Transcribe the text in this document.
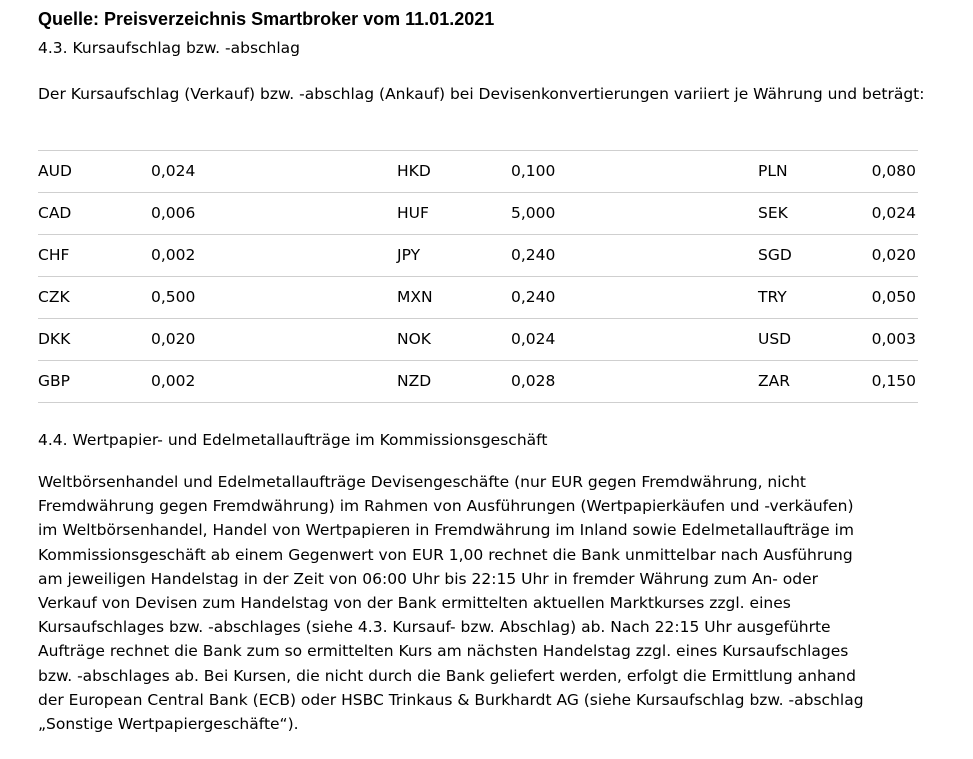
Quelle: Preisverzeichnis Smartbroker vom 11.01.2021
4.3. Kursaufschlag bzw. -abschlag
Der Kursaufschlag (Verkauf) bzw. -abschlag (Ankauf) bei Devisenkonvertierungen variiert je Währung und beträgt:
AUD	0,024	HKD	0,100	PLN	0,080
CAD	0,006	HUF	5,000	SEK	0,024
CHF	0,002	JPY	0,240	SGD	0,020
CZK	0,500	MXN	0,240	TRY	0,050
DKK	0,020	NOK	0,024	USD	0,003
GBP	0,002	NZD	0,028	ZAR	0,150
4.4. Wertpapier- und Edelmetallaufträge im Kommissionsgeschäft
Weltbörsenhandel und Edelmetallaufträge Devisengeschäfte (nur EUR gegen Fremdwährung, nicht
Fremdwährung gegen Fremdwährung) im Rahmen von Ausführungen (Wertpapierkäufen und -verkäufen)
im Weltbörsenhandel, Handel von Wertpapieren in Fremdwährung im Inland sowie Edelmetallaufträge im
Kommissionsgeschäft ab einem Gegenwert von EUR 1,00 rechnet die Bank unmittelbar nach Ausführung
am jeweiligen Handelstag in der Zeit von 06:00 Uhr bis 22:15 Uhr in fremder Währung zum An- oder
Verkauf von Devisen zum Handelstag von der Bank ermittelten aktuellen Marktkurses zzgl. eines
Kursaufschlages bzw. -abschlages (siehe 4.3. Kursauf- bzw. Abschlag) ab. Nach 22:15 Uhr ausgeführte
Aufträge rechnet die Bank zum so ermittelten Kurs am nächsten Handelstag zzgl. eines Kursaufschlages
bzw. -abschlages ab. Bei Kursen, die nicht durch die Bank geliefert werden, erfolgt die Ermittlung anhand
der European Central Bank (ECB) oder HSBC Trinkaus & Burkhardt AG (siehe Kursaufschlag bzw. -abschlag
„Sonstige Wertpapiergeschäfte“).
